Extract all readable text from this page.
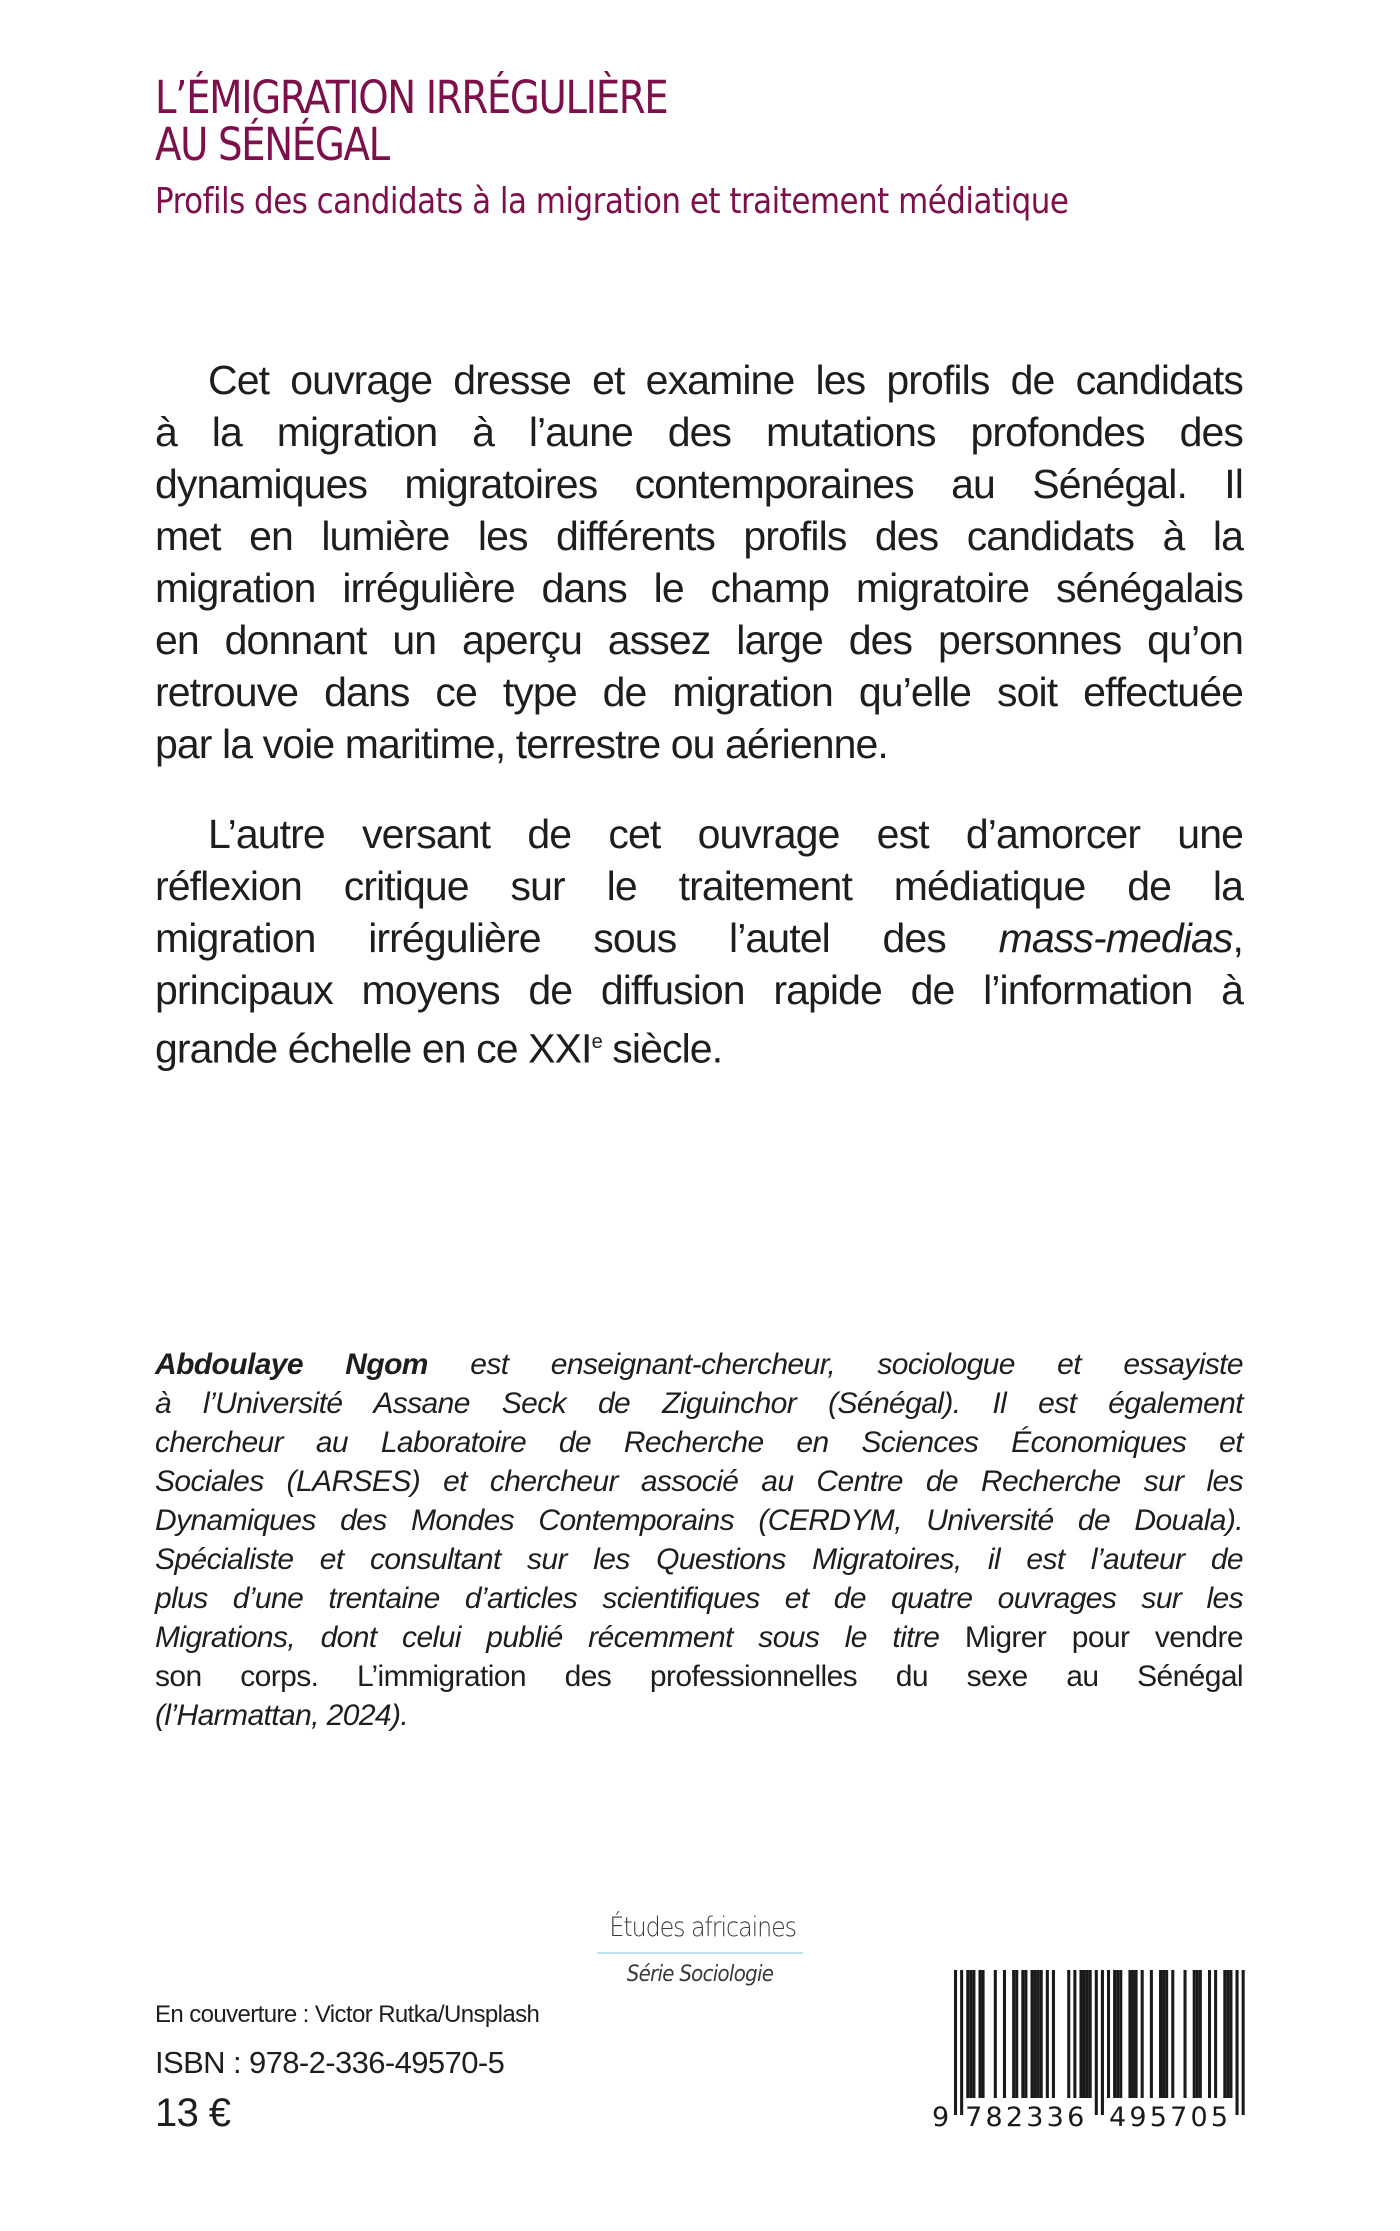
L’ÉMIGRATION IRRÉGULIÈRE
AU SÉNÉGAL
Profils des candidats à la migration et traitement médiatique
Cet ouvrage dresse et examine les profils de candidats
à la migration à l’aune des mutations profondes des
dynamiques migratoires contemporaines au Sénégal. Il
met en lumière les différents profils des candidats à la
migration irrégulière dans le champ migratoire sénégalais
en donnant un aperçu assez large des personnes qu’on
retrouve dans ce type de migration qu’elle soit effectuée
par la voie maritime, terrestre ou aérienne.
L’autre versant de cet ouvrage est d’amorcer une
réflexion critique sur le traitement médiatique de la
migration irrégulière sous l’autel des mass-medias,
principaux moyens de diffusion rapide de l’information à
grande échelle en ce XXIe siècle.
Abdoulaye Ngom est enseignant-chercheur, sociologue et essayiste
à l’Université Assane Seck de Ziguinchor (Sénégal). Il est également
chercheur au Laboratoire de Recherche en Sciences Économiques et
Sociales (LARSES) et chercheur associé au Centre de Recherche sur les
Dynamiques des Mondes Contemporains (CERDYM, Université de Douala).
Spécialiste et consultant sur les Questions Migratoires, il est l’auteur de
plus d’une trentaine d’articles scientifiques et de quatre ouvrages sur les
Migrations, dont celui publié récemment sous le titre Migrer pour vendre
son corps. L’immigration des professionnelles du sexe au Sénégal
(l’Harmattan, 2024).
Études africaines
Série Sociologie
En couverture : Victor Rutka/Unsplash
ISBN : 978-2-336-49570-5
13 €	9 782336 495705
